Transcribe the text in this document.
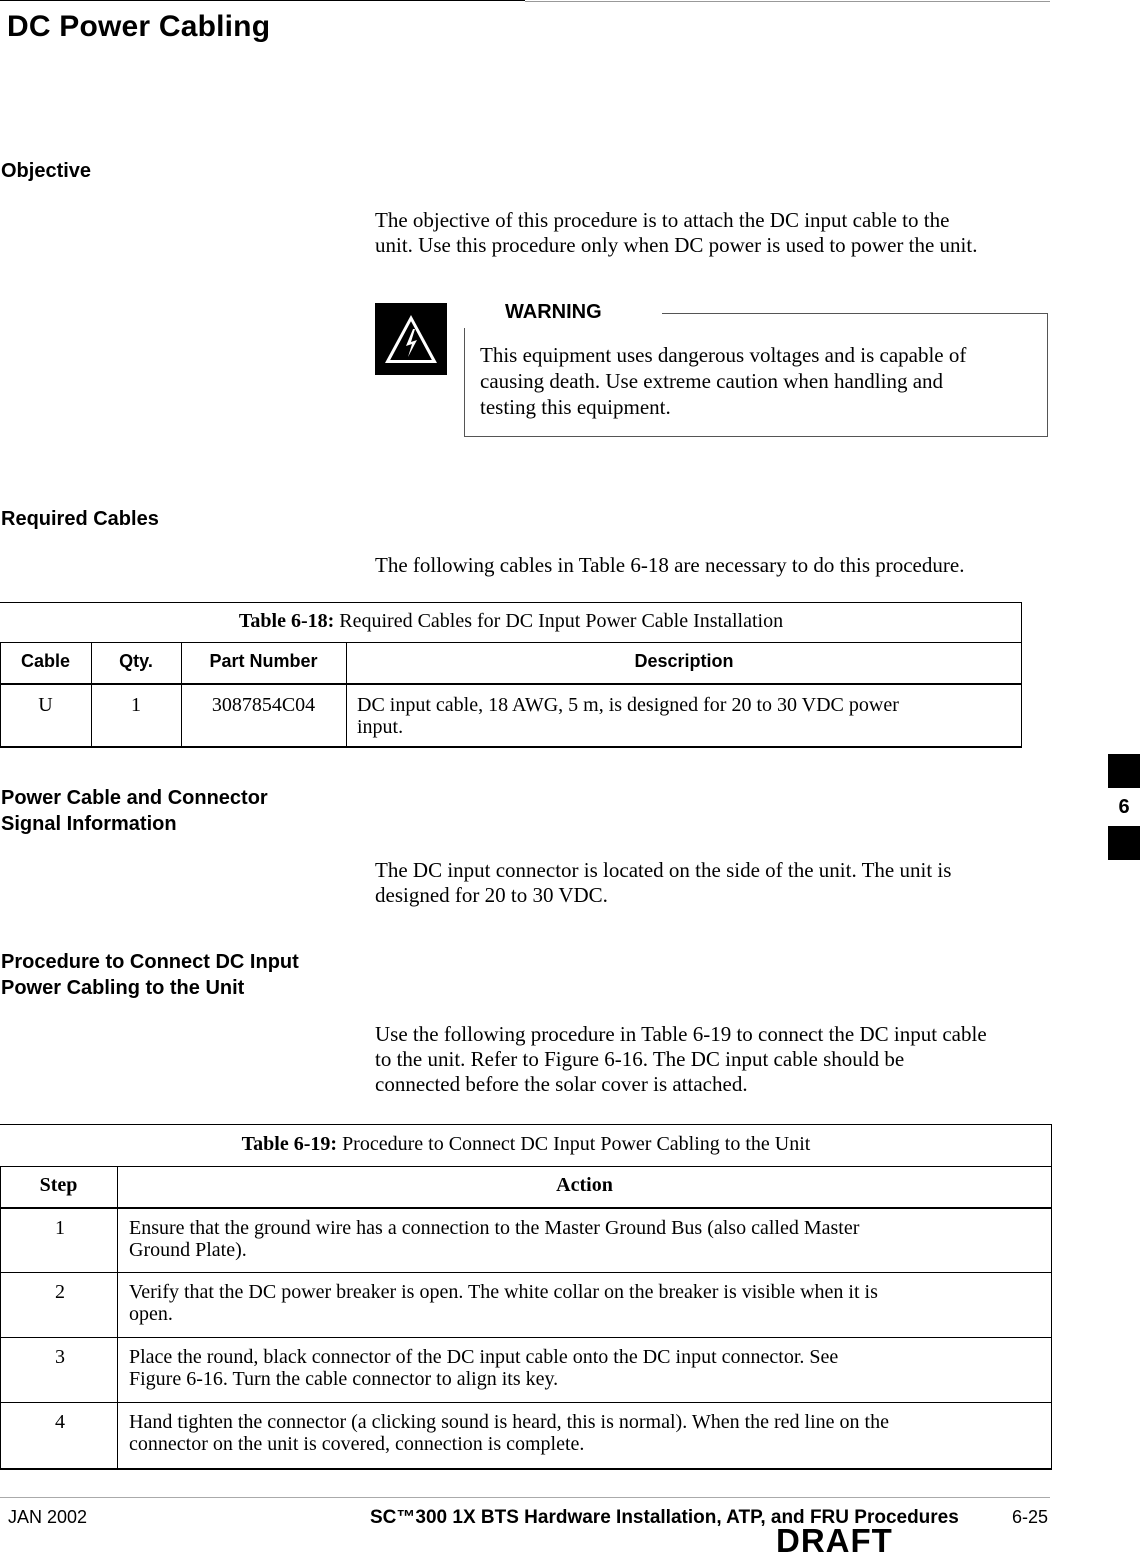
DC Power Cabling
Objective
The objective of this procedure is to attach the DC input cable to the
unit. Use this procedure only when DC power is used to power the unit.
WARNING
This equipment uses dangerous voltages and is capable of
causing death. Use extreme caution when handling and
testing this equipment.
Required Cables
The following cables in Table 6-18 are necessary to do this procedure.
Table 6-18: Required Cables for DC Input Power Cable Installation
Cable	Qty.	Part Number	Description
U	1	3087854C04	DC input cable, 18 AWG, 5 m, is designed for 20 to 30 VDC power
input.
Power Cable and Connector
Signal Information
The DC input connector is located on the side of the unit. The unit is
designed for 20 to 30 VDC.
Procedure to Connect DC Input
Power Cabling to the Unit
Use the following procedure in Table 6-19 to connect the DC input cable
to the unit. Refer to Figure 6-16. The DC input cable should be
connected before the solar cover is attached.
Table 6-19: Procedure to Connect DC Input Power Cabling to the Unit
Step	Action
1	Ensure that the ground wire has a connection to the Master Ground Bus (also called Master
Ground Plate).
2	Verify that the DC power breaker is open. The white collar on the breaker is visible when it is
open.
3	Place the round, black connector of the DC input cable onto the DC input connector. See
Figure 6-16. Turn the cable connector to align its key.
4	Hand tighten the connector (a clicking sound is heard, this is normal). When the red line on the
connector on the unit is covered, connection is complete.
6
JAN 2002	SC™300 1X BTS Hardware Installation, ATP, and FRU Procedures	6-25
DRAFT
